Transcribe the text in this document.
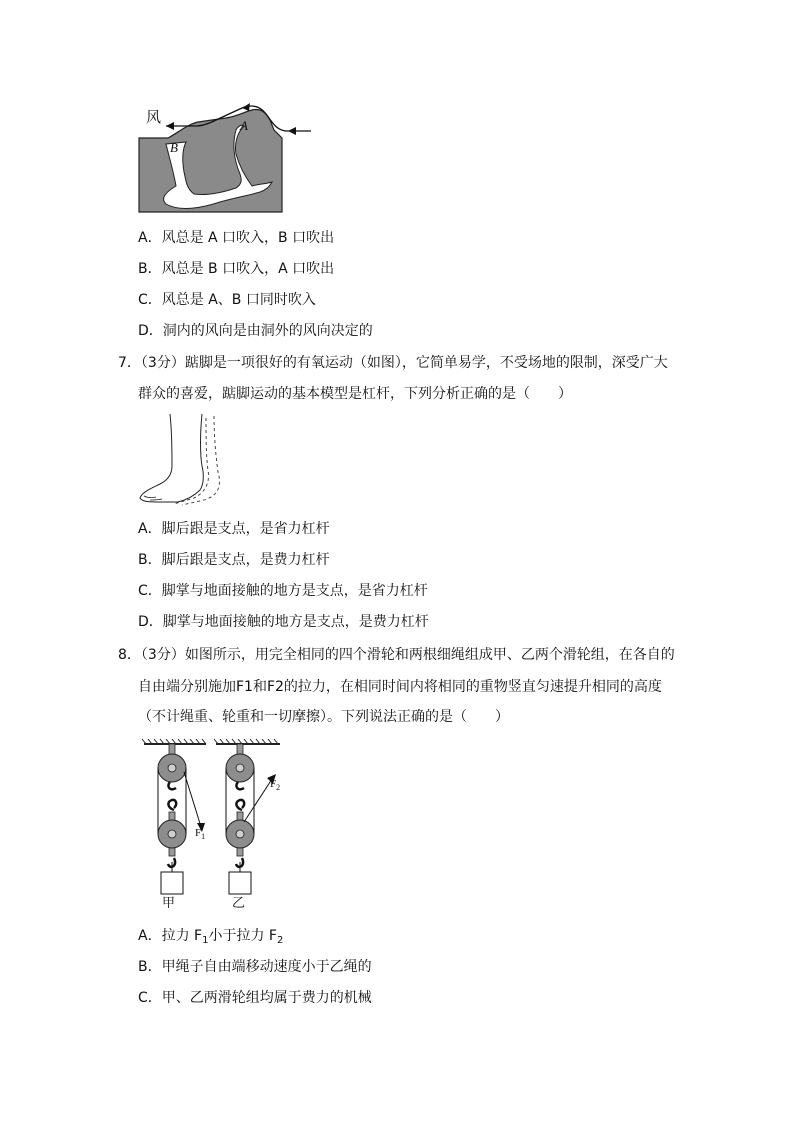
风	A
B
A．风总是 A 口吹入，B 口吹出
B．风总是 B 口吹入，A 口吹出
C．风总是 A、B 口同时吹入
D．洞内的风向是由洞外的风向决定的
7．（3分）踮脚是一项很好的有氧运动（如图），它简单易学，不受场地的限制，深受广大
群众的喜爱，踮脚运动的基本模型是杠杆，下列分析正确的是（　　）
A．脚后跟是支点，是省力杠杆
B．脚后跟是支点，是费力杠杆
C．脚掌与地面接触的地方是支点，是省力杠杆
D．脚掌与地面接触的地方是支点，是费力杠杆
8．（3分）如图所示，用完全相同的四个滑轮和两根细绳组成甲、乙两个滑轮组，在各自的
自由端分别施加F1和F2的拉力，在相同时间内将相同的重物竖直匀速提升相同的高度
（不计绳重、轮重和一切摩擦）。下列说法正确的是（　　）
甲
$F_1$
乙
$F_2$
A．拉力 $F_1$小于拉力 $F_2$
B．甲绳子自由端移动速度小于乙绳的
C．甲、乙两滑轮组均属于费力的机械
